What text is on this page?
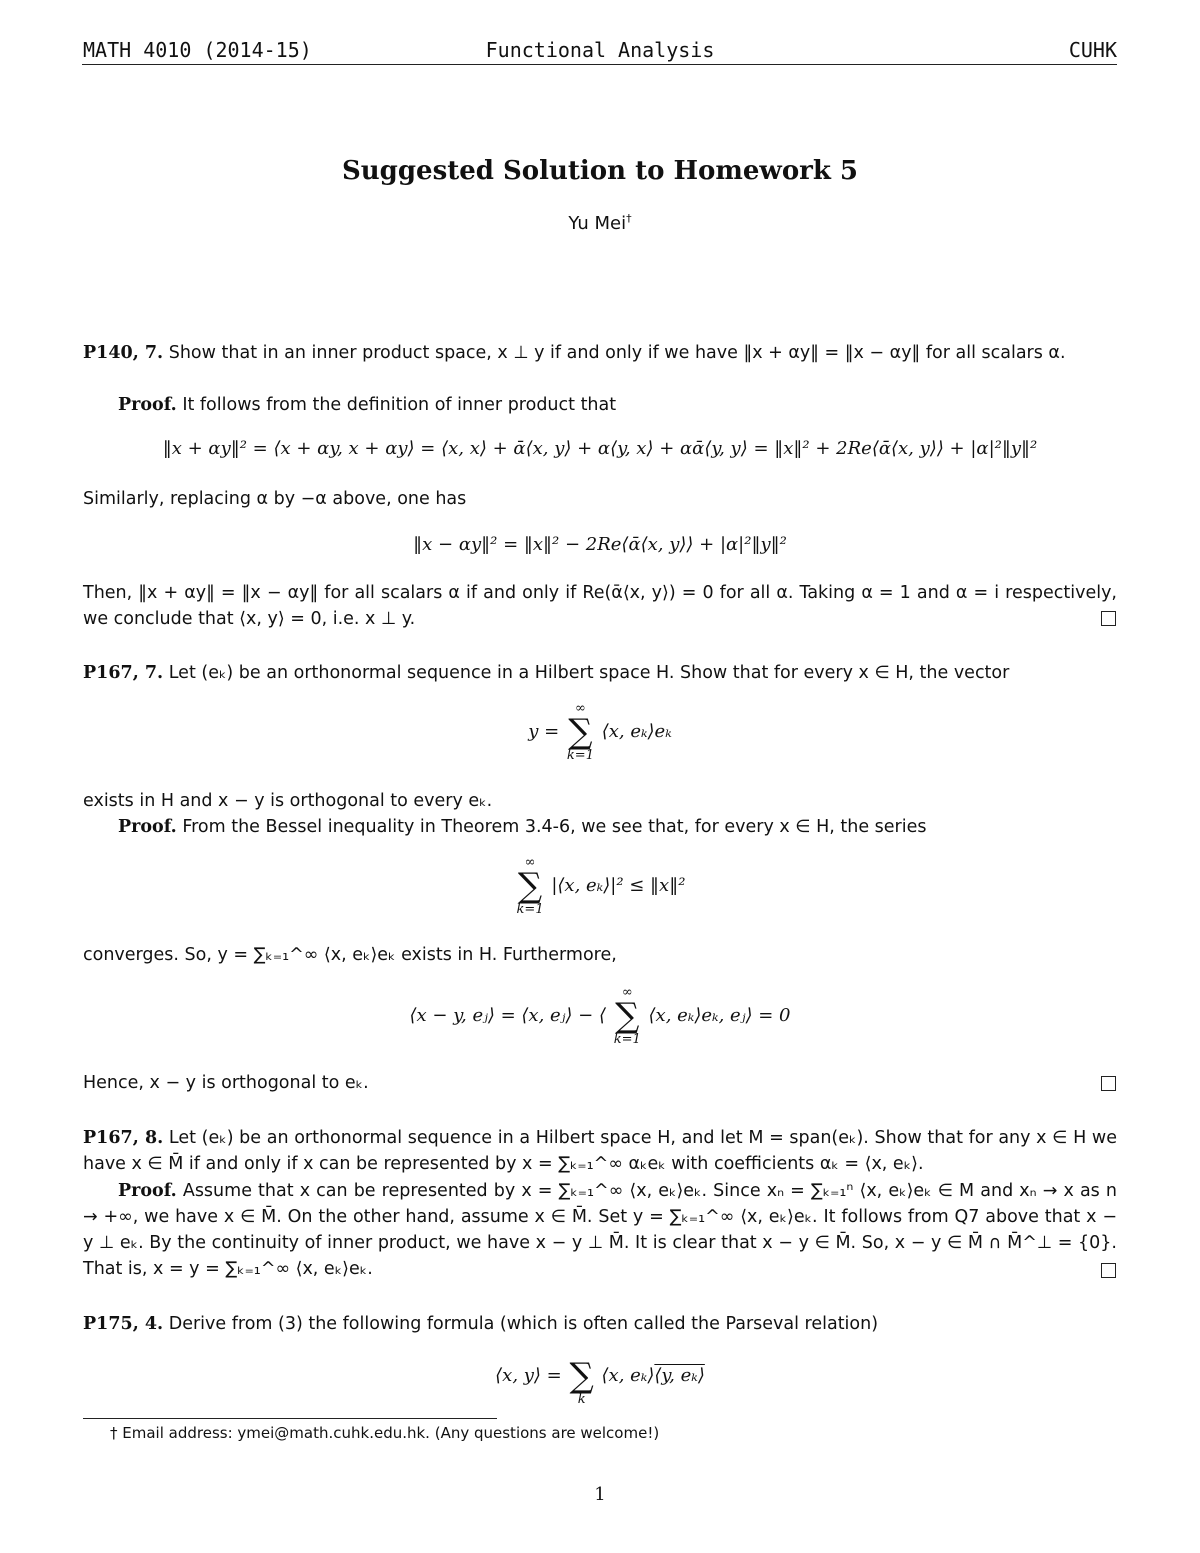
MATH 4010 (2014-15)	Functional Analysis	CUHK
Suggested Solution to Homework 5
Yu Mei†

P140, 7. Show that in an inner product space, x ⊥ y if and only if we have ‖x + αy‖ = ‖x − αy‖ for all scalars α.

Proof. It follows from the definition of inner product that

‖x + αy‖² = ⟨x + αy, x + αy⟩ = ⟨x, x⟩ + ᾱ⟨x, y⟩ + α⟨y, x⟩ + αᾱ⟨y, y⟩ = ‖x‖² + 2Re⟨ᾱ⟨x, y⟩⟩ + |α|²‖y‖²

Similarly, replacing α by −α above, one has

‖x − αy‖² = ‖x‖² − 2Re⟨ᾱ⟨x, y⟩⟩ + |α|²‖y‖²

Then, ‖x + αy‖ = ‖x − αy‖ for all scalars α if and only if Re(ᾱ⟨x, y⟩) = 0 for all α. Taking α = 1 and α = i respectively, we conclude that ⟨x, y⟩ = 0, i.e. x ⊥ y.

P167, 7. Let (eₖ) be an orthonormal sequence in a Hilbert space H. Show that for every x ∈ H, the vector

y =
∞
∑
k=1
⟨x, eₖ⟩eₖ

exists in H and x − y is orthogonal to every eₖ.

Proof. From the Bessel inequality in Theorem 3.4-6, we see that, for every x ∈ H, the series

∞
∑
k=1
|⟨x, eₖ⟩|² ≤ ‖x‖²

converges. So, y = ∑ₖ₌₁^∞ ⟨x, eₖ⟩eₖ exists in H. Furthermore,

⟨x − y, eⱼ⟩ = ⟨x, eⱼ⟩ − ⟨
∞
∑
k=1
⟨x, eₖ⟩eₖ, eⱼ⟩ = 0

Hence, x − y is orthogonal to eₖ.

P167, 8. Let (eₖ) be an orthonormal sequence in a Hilbert space H, and let M = span(eₖ). Show that for any x ∈ H we have x ∈ M̄ if and only if x can be represented by x = ∑ₖ₌₁^∞ αₖeₖ with coefficients αₖ = ⟨x, eₖ⟩.

Proof. Assume that x can be represented by x = ∑ₖ₌₁^∞ ⟨x, eₖ⟩eₖ. Since xₙ = ∑ₖ₌₁ⁿ ⟨x, eₖ⟩eₖ ∈ M and xₙ → x as n → +∞, we have x ∈ M̄. On the other hand, assume x ∈ M̄. Set y = ∑ₖ₌₁^∞ ⟨x, eₖ⟩eₖ. It follows from Q7 above that x − y ⊥ eₖ. By the continuity of inner product, we have x − y ⊥ M̄. It is clear that x − y ∈ M̄. So, x − y ∈ M̄ ∩ M̄^⊥ = {0}. That is, x = y = ∑ₖ₌₁^∞ ⟨x, eₖ⟩eₖ.

P175, 4. Derive from (3) the following formula (which is often called the Parseval relation)

⟨x, y⟩ = ∑
k
⟨x, eₖ⟩⟨y, eₖ⟩
† Email address: ymei@math.cuhk.edu.hk. (Any questions are welcome!)
1
